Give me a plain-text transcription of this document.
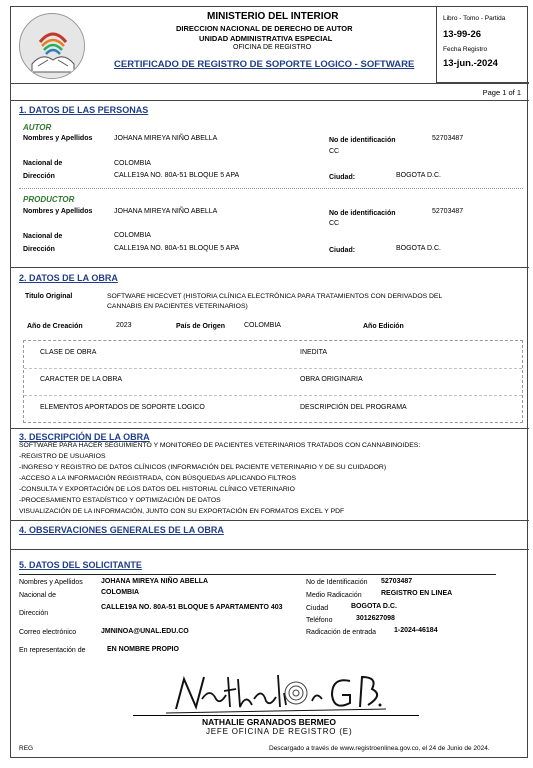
MINISTERIO DEL INTERIOR
DIRECCION NACIONAL DE DERECHO DE AUTOR
UNIDAD ADMINISTRATIVA ESPECIAL
OFICINA DE REGISTRO
CERTIFICADO DE REGISTRO DE SOPORTE LOGICO - SOFTWARE
Libro - Tomo - Partida
13-99-26
Fecha Registro
13-jun.-2024
Page 1 of 1
1. DATOS DE LAS PERSONAS
AUTOR
Nombres y Apellidos	JOHANA MIREYA NIÑO ABELLA	No de identificación	52703487
CC
Nacional de	COLOMBIA
Dirección	CALLE19A NO. 80A-51 BLOQUE 5 APA	Ciudad:	BOGOTA D.C.
PRODUCTOR
Nombres y Apellidos	JOHANA MIREYA NIÑO ABELLA	No de identificación	52703487
CC
Nacional de	COLOMBIA
Dirección	CALLE19A NO. 80A-51 BLOQUE 5 APA	Ciudad:	BOGOTA D.C.
2. DATOS DE LA OBRA
Titulo Original	SOFTWARE HICECVET (HISTORIA CLÍNICA ELECTRÓNICA PARA TRATAMIENTOS CON DERIVADOS DEL
CANNABIS EN PACIENTES VETERINARIOS)
Año de Creación	2023	País de Origen	COLOMBIA	Año Edición
CLASE DE OBRA	INEDITA
CARACTER DE LA OBRA	OBRA ORIGINARIA
ELEMENTOS APORTADOS DE SOPORTE LOGICO	DESCRIPCIÓN DEL PROGRAMA
3. DESCRIPCIÓN DE LA OBRA
SOFTWARE PARA HACER SEGUIMIENTO Y MONITOREO DE PACIENTES VETERINARIOS TRATADOS CON CANNABINOIDES:
-REGISTRO DE USUARIOS
-INGRESO Y REGISTRO DE DATOS CLÍNICOS (INFORMACIÓN DEL PACIENTE VETERINARIO Y DE SU CUIDADOR)
-ACCESO A LA INFORMACIÓN REGISTRADA, CON BÚSQUEDAS APLICANDO FILTROS
-CONSULTA Y EXPORTACIÓN DE LOS DATOS DEL HISTORIAL CLÍNICO VETERINARIO
-PROCESAMIENTO ESTADÍSTICO Y OPTIMIZACIÓN DE DATOS
VISUALIZACIÓN DE LA INFORMACIÓN, JUNTO CON SU EXPORTACIÓN EN FORMATOS EXCEL Y PDF
4. OBSERVACIONES GENERALES DE LA OBRA
5. DATOS DEL SOLICITANTE
Nombres y Apellidos	JOHANA MIREYA NIÑO ABELLA
Nacional de	COLOMBIA
Dirección
CALLE19A NO. 80A-51 BLOQUE 5 APARTAMENTO 403
Correo electrónico	JMNINOA@UNAL.EDU.CO
En representación de	EN NOMBRE PROPIO
No de Identificación 52703487
Medio Radicación	REGISTRO EN LINEA
Ciudad	BOGOTA D.C.
Teléfono	3012627098
Radicación de entrada	1-2024-46184
NATHALIE GRANADOS BERMEO
JEFE OFICINA DE REGISTRO (E)
REG	Descargado a través de www.registroenlinea.gov.co, el 24 de Junio de 2024.
